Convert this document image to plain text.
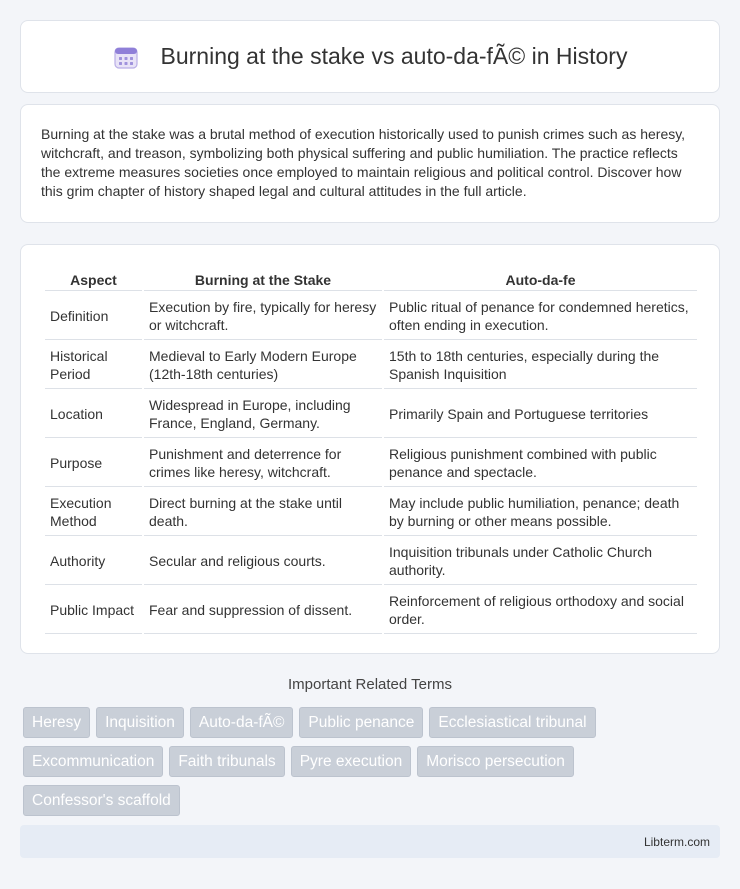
Burning at the stake vs auto-da-fÃ© in History

Burning at the stake was a brutal method of execution historically used to punish crimes such as heresy, witchcraft, and treason, symbolizing both physical suffering and public humiliation. The practice reflects the extreme measures societies once employed to maintain religious and political control. Discover how this grim chapter of history shaped legal and cultural attitudes in the full article.

Aspect	Burning at the Stake	Auto-da-fe
Definition	Execution by fire, typically for heresy or witchcraft.	Public ritual of penance for condemned heretics, often ending in execution.
Historical Period	Medieval to Early Modern Europe (12th-18th centuries)	15th to 18th centuries, especially during the Spanish Inquisition
Location	Widespread in Europe, including France, England, Germany.	Primarily Spain and Portuguese territories
Purpose	Punishment and deterrence for crimes like heresy, witchcraft.	Religious punishment combined with public penance and spectacle.
Execution Method	Direct burning at the stake until death.	May include public humiliation, penance; death by burning or other means possible.
Authority	Secular and religious courts.	Inquisition tribunals under Catholic Church authority.
Public Impact	Fear and suppression of dissent.	Reinforcement of religious orthodoxy and social order.
Important Related Terms
Heresy	Inquisition	Auto-da-fÃ©	Public penance	Ecclesiastical tribunal
Excommunication	Faith tribunals	Pyre execution	Morisco persecution
Confessor's scaffold
Libterm.com
